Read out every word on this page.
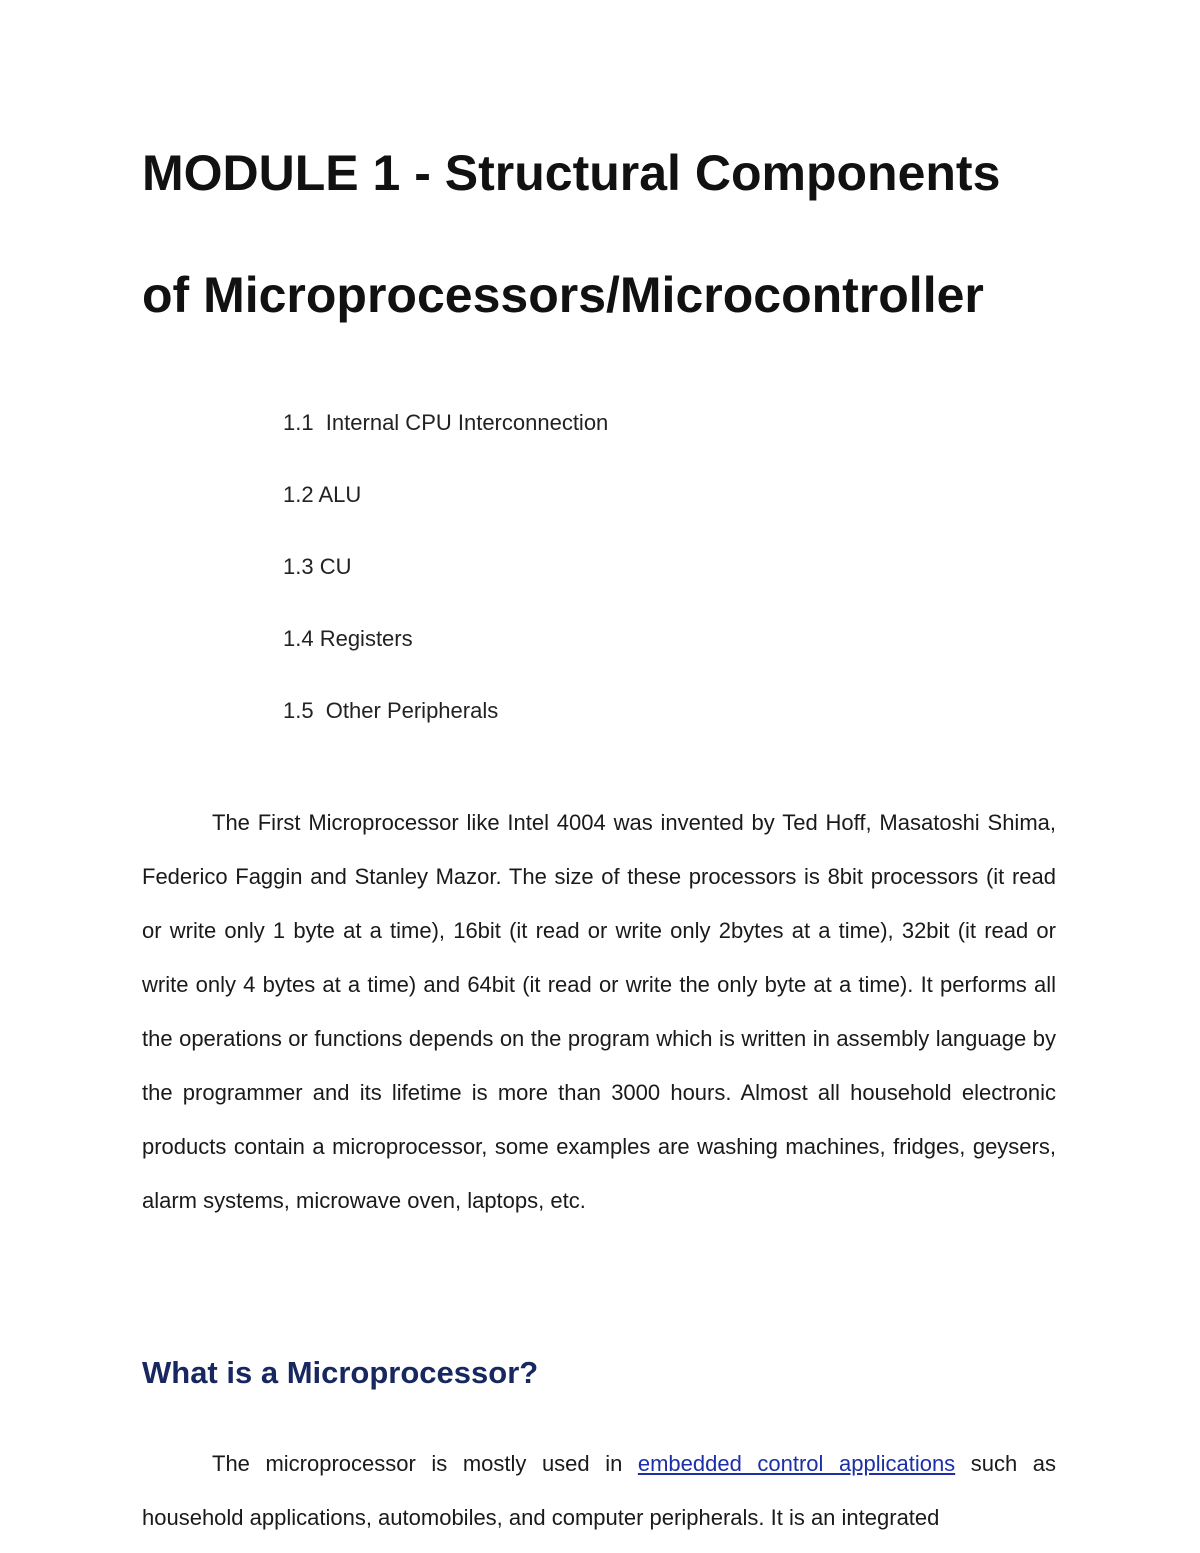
MODULE 1 - Structural Components
of Microprocessors/Microcontroller
1.1  Internal CPU Interconnection
1.2 ALU
1.3 CU
1.4 Registers
1.5  Other Peripherals

The First Microprocessor like Intel 4004 was invented by Ted Hoff, Masatoshi Shima, Federico Faggin and Stanley Mazor. The size of these processors is 8bit processors (it read or write only 1 byte at a time), 16bit (it read or write only 2bytes at a time), 32bit (it read or write only 4 bytes at a time) and 64bit (it read or write the only byte at a time). It performs all the operations or functions depends on the program which is written in assembly language by the programmer and its lifetime is more than 3000 hours. Almost all household electronic products contain a microprocessor, some examples are washing machines, fridges, geysers, alarm systems, microwave oven, laptops, etc.

What is a Microprocessor?

The microprocessor is mostly used in embedded control applications such as household applications, automobiles, and computer peripherals. It is an integrated
